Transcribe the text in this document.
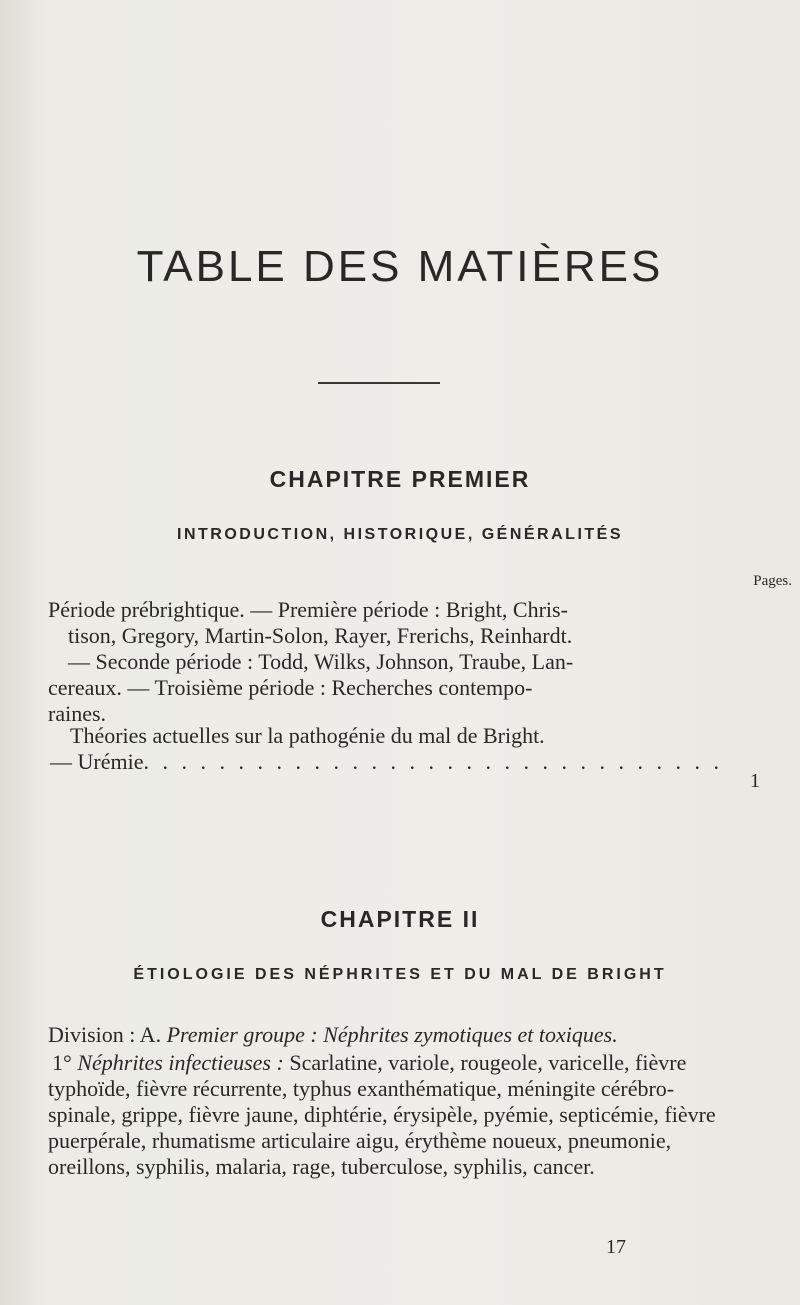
TABLE DES MATIÈRES
CHAPITRE PREMIER
INTRODUCTION, HISTORIQUE, GÉNÉRALITÉS
Pages.

Période prébrightique. — Première période : Bright, Chris-

tison, Gregory, Martin-Solon, Rayer, Frerichs, Reinhardt.

— Seconde période : Todd, Wilks, Johnson, Traube, Lan-

cereaux. — Troisième période : Recherches contempo-

raines.

Théories actuelles sur la pathogénie du mal de Bright.

— Urémie . . . . . . . . . . . . . . . . . . . . . . . . . . . . . . .
1
CHAPITRE II
ÉTIOLOGIE DES NÉPHRITES ET DU MAL DE BRIGHT

Division : A. Premier groupe : Néphrites zymotiques et toxiques.

1° Néphrites infectieuses : Scarlatine, variole, rougeole, varicelle, fièvre typhoïde, fièvre récurrente, typhus exanthématique, méningite cérébro-spinale, grippe, fièvre jaune, diphtérie, érysipèle, pyémie, septicémie, fièvre puerpérale, rhumatisme articulaire aigu, érythème noueux, pneumonie, oreillons, syphilis, malaria, rage, tuberculose, syphilis, cancer.

17
